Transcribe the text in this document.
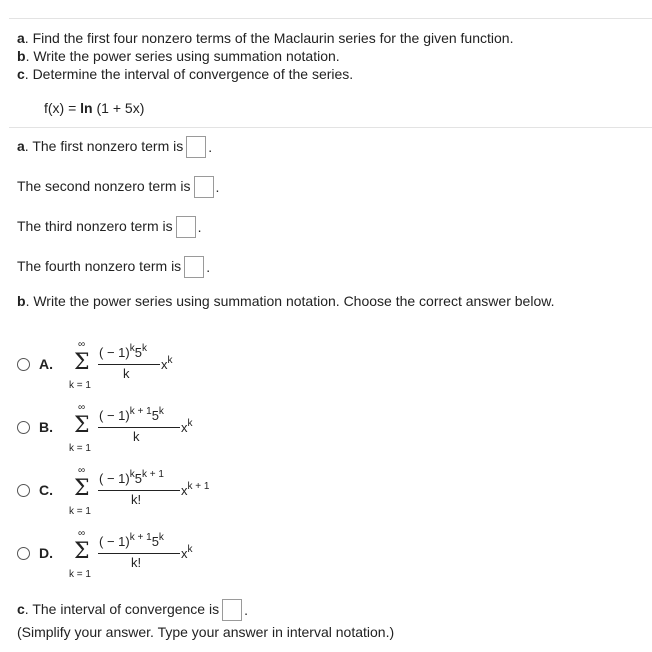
a. Find the first four nonzero terms of the Maclaurin series for the given function.
b. Write the power series using summation notation.
c. Determine the interval of convergence of the series.
f(x) = ln (1 + 5x)
a. The first nonzero term is .
The second nonzero term is .
The third nonzero term is .
The fourth nonzero term is .
b. Write the power series using summation notation. Choose the correct answer below.
A.
∞
Σ
k = 1
( − $1)^k5^k$
k
$x^k$
B.
∞
Σ
k = 1
( − $1)^{k + 1}5^k$
k
$x^k$
C.
∞
Σ
k = 1
( − $1)^k5^{k + 1}$
k!
$x^{k + 1}$
D.
∞
Σ
k = 1
( − $1)^{k + 1}5^k$
k!
$x^k$
c. The interval of convergence is .
(Simplify your answer. Type your answer in interval notation.)
